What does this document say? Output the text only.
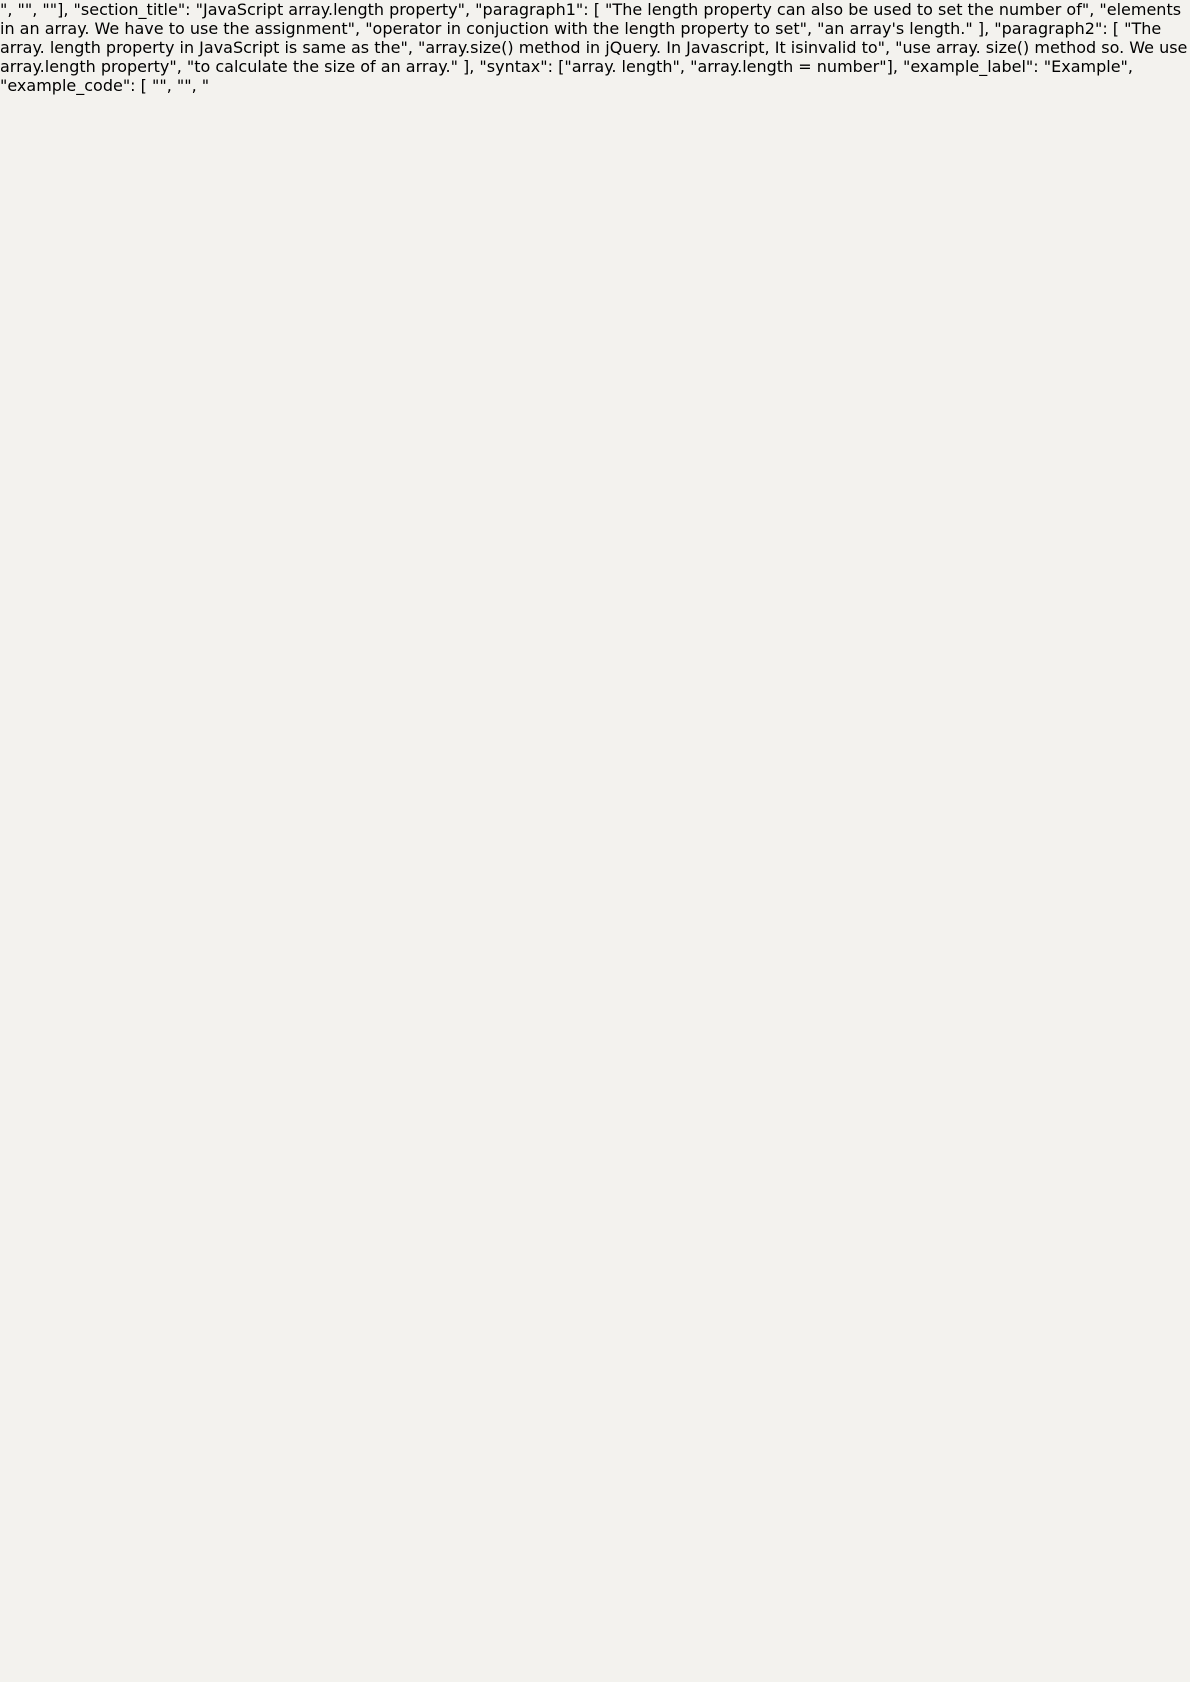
", "", ""], "section_title": "JavaScript array.length property", "paragraph1": [ "The length property can also be used to set the number of", "elements in an array. We have to use the assignment", "operator in conjuction with the length property to set", "an array's length." ], "paragraph2": [ "The array. length property in JavaScript is same as the", "array.size() method in jQuery. In Javascript, It isinvalid to", "use array. size() method so. We use array.length property", "to calculate the size of an array." ], "syntax": ["array. length", "array.length = number"], "example_label": "Example", "example_code": [ "", "", "
